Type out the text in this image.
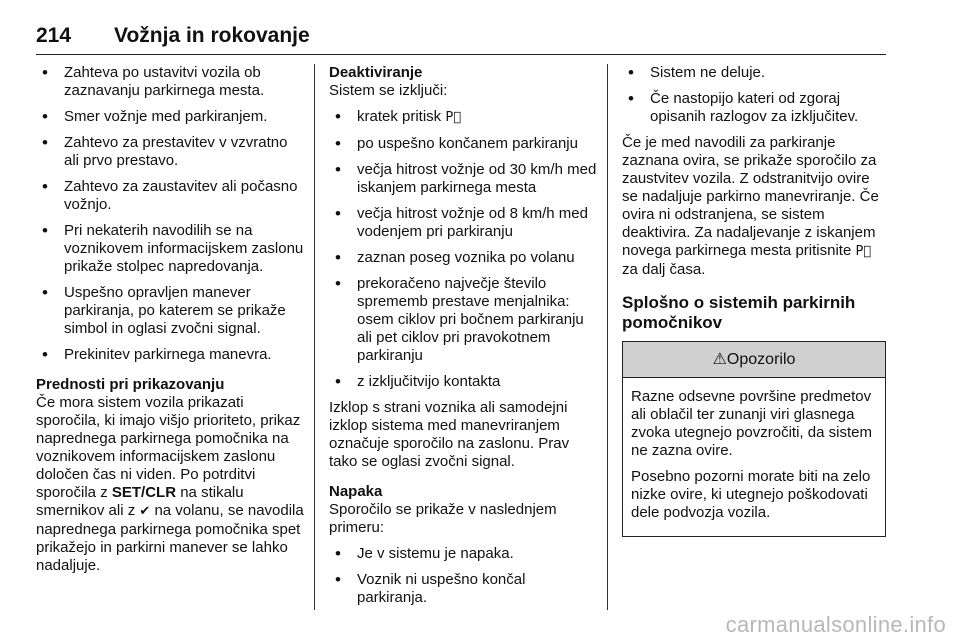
214 Vožnja in rokovanje
• Zahteva po ustavitvi vozila ob zaznavanju parkirnega mesta.
• Smer vožnje med parkiranjem.
• Zahtevo za prestavitev v vzvratno ali prvo prestavo.
• Zahtevo za zaustavitev ali počasno vožnjo.
• Pri nekaterih navodilih se na voznikovem informacijskem zaslonu prikaže stolpec napredovanja.
• Uspešno opravljen manever parkiranja, po katerem se prikaže simbol in oglasi zvočni signal.
• Prekinitev parkirnega manevra.
Prednosti pri prikazovanju

Če mora sistem vozila prikazati sporočila, ki imajo višjo prioriteto, prikaz naprednega parkirnega pomočnika na voznikovem informacijskem zaslonu določen čas ni viden. Po potrditvi sporočila z SET/CLR na stikalu smernikov ali z ✔ na volanu, se navodila naprednega parkirnega pomočnika spet prikažejo in parkirni manever se lahko nadaljuje.

Deaktiviranje

Sistem se izključi:

• kratek pritisk P⃞
• po uspešno končanem parkiranju
• večja hitrost vožnje od 30 km/h med iskanjem parkirnega mesta
• večja hitrost vožnje od 8 km/h med vodenjem pri parkiranju
• zaznan poseg voznika po volanu
• prekoračeno največje število sprememb prestave menjalnika: osem ciklov pri bočnem parkiranju ali pet ciklov pri pravokotnem parkiranju
• z izključitvijo kontakta

Izklop s strani voznika ali samodejni izklop sistema med manevriranjem označuje sporočilo na zaslonu. Prav tako se oglasi zvočni signal.

Napaka

Sporočilo se prikaže v naslednjem primeru:

• Je v sistemu je napaka.
• Voznik ni uspešno končal parkiranja.
• Sistem ne deluje.
• Če nastopijo kateri od zgoraj opisanih razlogov za izključitev.

Če je med navodili za parkiranje zaznana ovira, se prikaže sporočilo za zaustvitev vozila. Z odstranitvijo ovire se nadaljuje parkirno manevriranje. Če ovira ni odstranjena, se sistem deaktivira. Za nadaljevanje z iskanjem novega parkirnega mesta pritisnite P⃞ za dalj časa.

Splošno o sistemih parkirnih pomočnikov
⚠Opozorilo

Razne odsevne površine predmetov ali oblačil ter zunanji viri glasnega zvoka utegnejo povzročiti, da sistem ne zazna ovire.

Posebno pozorni morate biti na zelo nizke ovire, ki utegnejo poškodovati dele podvozja vozila.

carmanualsonline.info
